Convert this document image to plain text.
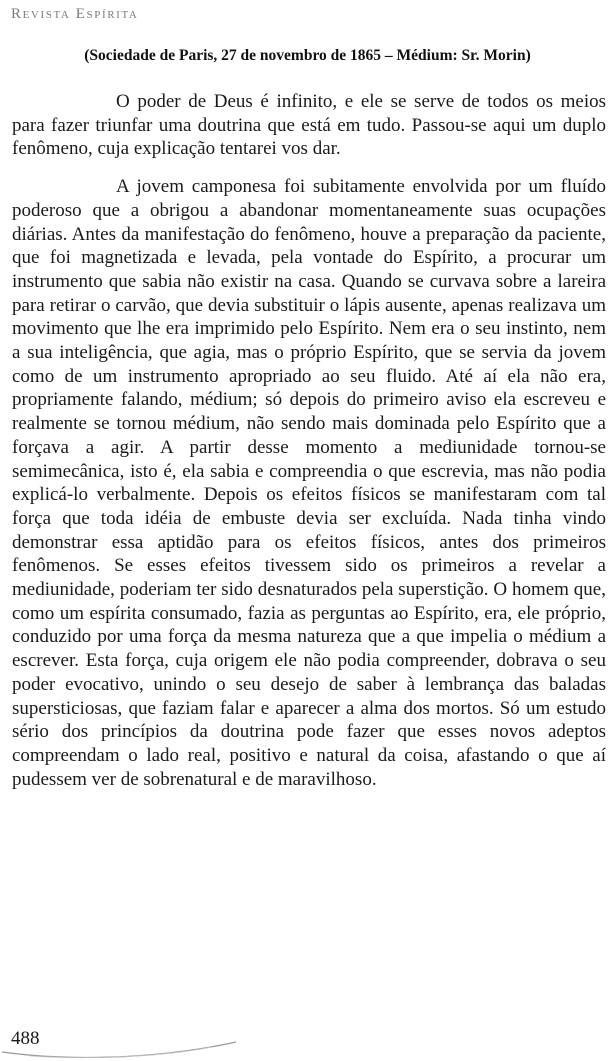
Revista Espírita
(Sociedade de Paris, 27 de novembro de 1865 – Médium: Sr. Morin)

O poder de Deus é infinito, e ele se serve de todos os meios para fazer triunfar uma doutrina que está em tudo. Passou-se aqui um duplo fenômeno, cuja explicação tentarei vos dar.

A jovem camponesa foi subitamente envolvida por um fluído poderoso que a obrigou a abandonar momentaneamente suas ocupações diárias. Antes da manifestação do fenômeno, houve a preparação da paciente, que foi magnetizada e levada, pela vontade do Espírito, a procurar um instrumento que sabia não existir na casa. Quando se curvava sobre a lareira para retirar o carvão, que devia substituir o lápis ausente, apenas realizava um movimento que lhe era imprimido pelo Espírito. Nem era o seu instinto, nem a sua inteligência, que agia, mas o próprio Espírito, que se servia da jovem como de um instrumento apropriado ao seu fluido. Até aí ela não era, propriamente falando, médium; só depois do primeiro aviso ela escreveu e realmente se tornou médium, não sendo mais dominada pelo Espírito que a forçava a agir. A partir desse momento a mediunidade tornou-se semimecânica, isto é, ela sabia e compreendia o que escrevia, mas não podia explicá-lo verbalmente. Depois os efeitos físicos se manifestaram com tal força que toda idéia de embuste devia ser excluída. Nada tinha vindo demonstrar essa aptidão para os efeitos físicos, antes dos primeiros fenômenos. Se esses efeitos tivessem sido os primeiros a revelar a mediunidade, poderiam ter sido desnaturados pela superstição. O homem que, como um espírita consumado, fazia as perguntas ao Espírito, era, ele próprio, conduzido por uma força da mesma natureza que a que impelia o médium a escrever. Esta força, cuja origem ele não podia compreender, dobrava o seu poder evocativo, unindo o seu desejo de saber à lembrança das baladas supersticiosas, que faziam falar e aparecer a alma dos mortos. Só um estudo sério dos princípios da doutrina pode fazer que esses novos adeptos compreendam o lado real, positivo e natural da coisa, afastando o que aí pudessem ver de sobrenatural e de maravilhoso.

488
